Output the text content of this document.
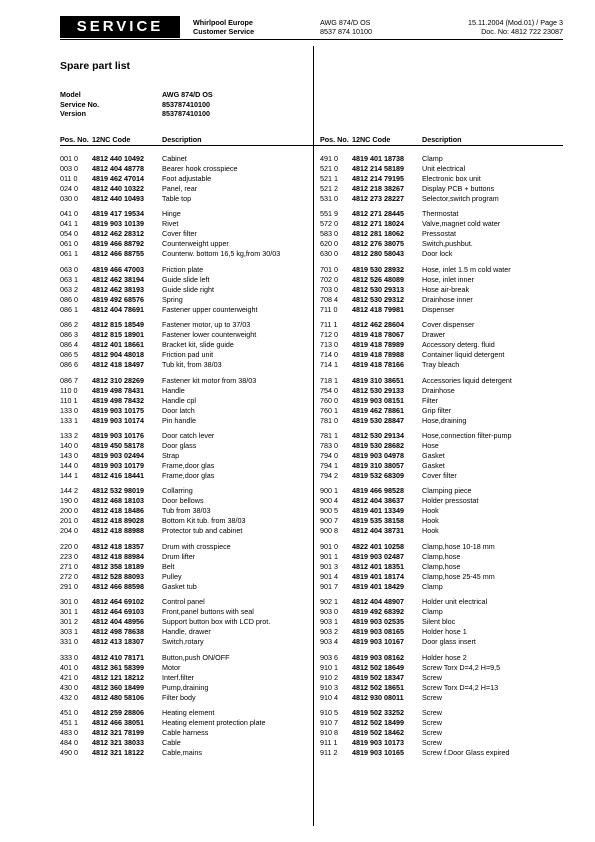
SERVICE	Whirlpool Europe
Customer Service
AWG 874/D OS
8537 874 10100
15.11.2004 (Mod.01) / Page 3
Doc. No: 4812 722 23087
Spare part list
Model	AWG 874/D OS
Service No.	853787410100
Version	853787410100
Pos. No. 12NC Code	Description	Pos. No. 12NC Code	Description
001 0	4812 440 10492	Cabinet
003 0	4812 404 48778	Bearer hook crosspiece
011 0	4819 462 47014	Foot adjustable
024 0	4812 440 10322	Panel, rear
030 0	4812 440 10493	Table top
041 0	4819 417 19534	Hinge
041 1	4819 903 10139	Rivet
054 0	4812 462 28312	Cover filter
061 0	4819 466 88792	Counterweight upper
061 1	4812 466 88755	Counterw. bottom 16,5 kg,from 30/03
063 0	4819 466 47003	Friction plate
063 1	4812 462 38194	Guide slide left
063 2	4812 462 38193	Guide slide right
086 0	4819 492 68576	Spring
086 1	4812 404 78691	Fastener upper counterweight
086 2	4812 815 18549	Fastener motor, up to 37/03
086 3	4812 815 18901	Fastener lower counterweight
086 4	4812 401 18661	Bracket kit, slide guide
086 5	4812 904 48018	Friction pad unit
086 6	4812 418 18497	Tub kit, from 38/03
086 7	4812 310 28269	Fastener kit motor from 38/03
110 0	4819 498 78431	Handle
110 1	4819 498 78432	Handle cpl
133 0	4819 903 10175	Door latch
133 1	4819 903 10174	Pin handle
133 2	4819 903 10176	Door catch lever
140 0	4819 450 58178	Door glass
143 0	4819 903 02494	Strap
144 0	4819 903 10179	Frame,door glas
144 1	4812 416 18441	Frame,door glas
144 2	4812 532 98019	Collarring
190 0	4812 468 18103	Door bellows
200 0	4812 418 18486	Tub from 38/03
201 0	4812 418 89028	Bottom Kit tub. from 38/03
204 0	4812 418 88988	Protector tub and cabinet
220 0	4812 418 18357	Drum with crosspiece
223 0	4812 418 88984	Drum lifter
271 0	4812 358 18189	Belt
272 0	4812 528 88093	Pulley
291 0	4812 466 88598	Gasket tub
301 0	4812 464 69102	Control panel
301 1	4812 464 69103	Front,panel buttons with seal
301 2	4812 404 48956	Support button box with LCD prot.
303 1	4812 498 78638	Handle, drawer
331 0	4812 413 18307	Switch,rotary
333 0	4812 410 78171	Button,push ON/OFF
401 0	4812 361 58399	Motor
421 0	4812 121 18212	Interf.filter
430 0	4812 360 18499	Pump,draining
432 0	4812 480 58106	Filter body
451 0	4812 259 28806	Heating element
451 1	4812 466 38051	Heating element protection plate
483 0	4812 321 78199	Cable harness
484 0	4812 321 38033	Cable
490 0	4812 321 18122	Cable,mains
491 0	4819 401 18738	Clamp
521 0	4812 214 58189	Unit electrical
521 1	4812 214 79195	Electronic box unit
521 2	4812 218 38267	Display PCB + buttons
531 0	4812 273 28227	Selector,switch program
551 9	4812 271 28445	Thermostat
572 0	4812 271 18024	Valve,magnet cold water
583 0	4812 281 18062	Pressostat
620 0	4812 276 38075	Switch,pushbut.
630 0	4812 280 58043	Door lock
701 0	4819 530 28932	Hose, inlet 1.5 m cold water
702 0	4812 526 48089	Hose, inlet inner
703 0	4812 530 29313	Hose air-break
708 4	4812 530 29312	Drainhose inner
711 0	4812 418 79981	Dispenser
711 1	4812 462 28604	Cover dispenser
712 0	4819 418 78067	Drawer
713 0	4819 418 78989	Accessory deterg. fluid
714 0	4819 418 78988	Container liquid detergent
714 1	4819 418 78166	Tray bleach
718 1	4819 310 38651	Accessories liquid detergent
754 0	4812 530 29133	Drainhose
760 0	4819 903 08151	Filter
760 1	4819 462 78861	Grip filter
781 0	4819 530 28847	Hose,draining
781 1	4812 530 29134	Hose,connection filter-pump
783 0	4819 530 28682	Hose
794 0	4819 903 04978	Gasket
794 1	4819 310 38057	Gasket
794 2	4819 532 68309	Cover filter
900 1	4819 466 98528	Clamping piece
900 4	4812 404 38637	Holder pressostat
900 5	4819 401 13349	Hook
900 7	4819 535 38158	Hook
900 8	4812 404 38731	Hook
901 0	4822 401 10258	Clamp,hose 10-18 mm
901 1	4819 903 02487	Clamp,hose
901 3	4812 401 18351	Clamp,hose
901 4	4819 401 18174	Clamp,hose 25-45 mm
901 7	4819 401 18429	Clamp
902 1	4812 404 48907	Holder unit electrical
903 0	4819 492 68392	Clamp
903 1	4819 903 02535	Silent bloc
903 2	4819 903 08165	Holder hose 1
903 4	4819 903 10167	Door glass insert
903 6	4819 903 08162	Holder hose 2
910 1	4812 502 18649	Screw Torx D=4,2 H=9,5
910 2	4819 502 18347	Screw
910 3	4812 502 18651	Screw Torx D=4,2 H=13
910 4	4812 930 08011	Screw
910 5	4819 502 33252	Screw
910 7	4812 502 18499	Screw
910 8	4819 502 18462	Screw
911 1	4819 903 10173	Screw
911 2	4819 903 10165	Screw f.Door Glass expired
